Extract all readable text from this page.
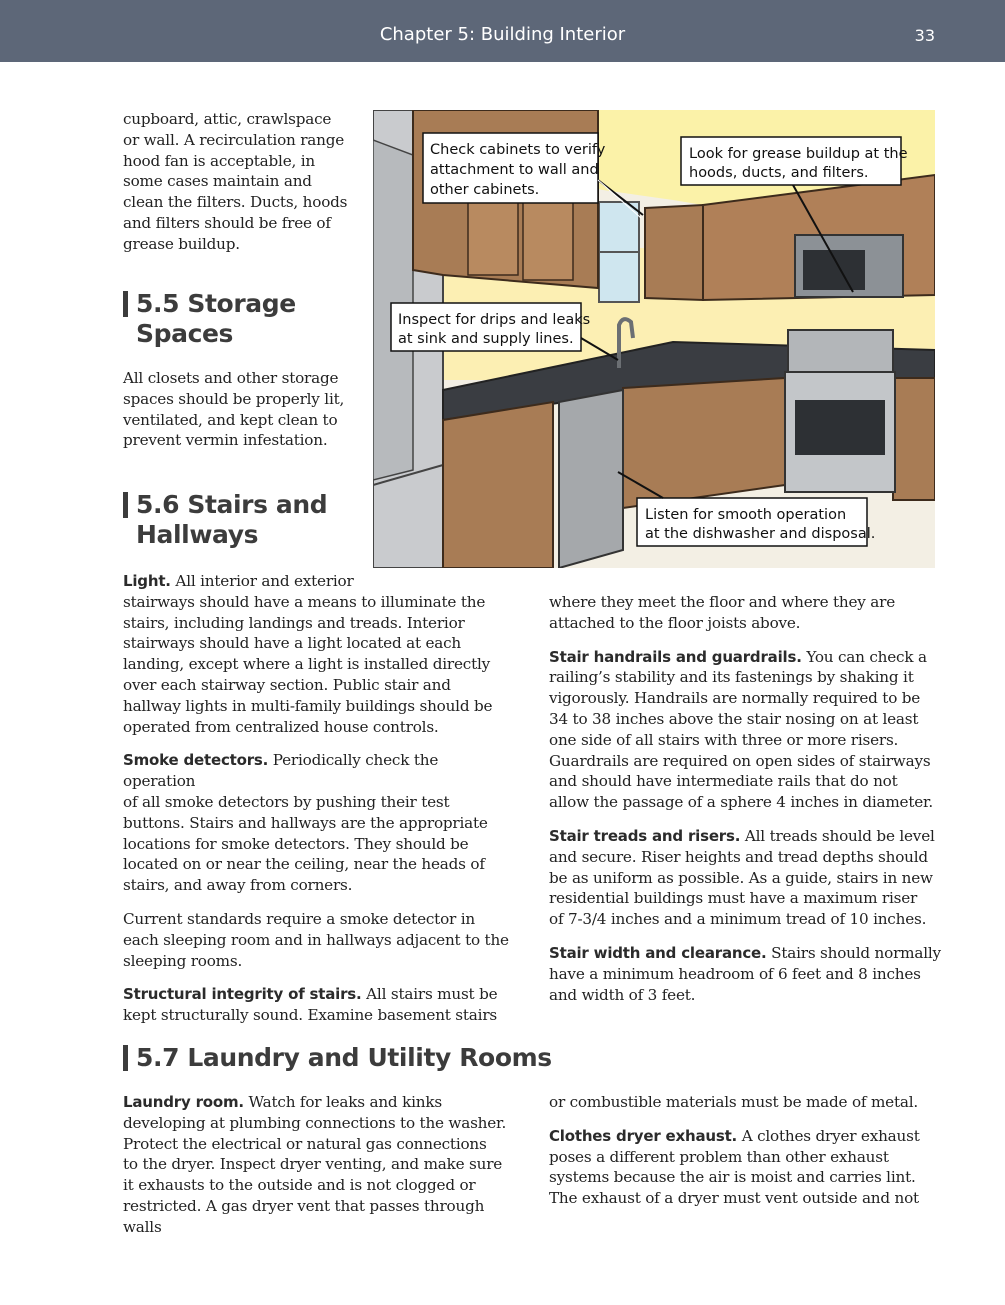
Chapter 5: Building Interior	33
cupboard, attic, crawlspace
or wall. A recirculation range
hood fan is acceptable, in
some cases maintain and
clean the filters. Ducts, hoods
and filters should be free of
grease buildup.
5.5 Storage
Spaces
All closets and other storage
spaces should be properly lit,
ventilated, and kept clean to
prevent vermin infestation.
5.6 Stairs and
Hallways
Light. All interior and exterior
stairways should have a means to illuminate the
stairs, including landings and treads. Interior
stairways should have a light located at each
landing, except where a light is installed directly
over each stairway section. Public stair and
hallway lights in multi-family buildings should be
operated from centralized house controls.
Smoke detectors. Periodically check the operation
of all smoke detectors by pushing their test
buttons. Stairs and hallways are the appropriate
locations for smoke detectors. They should be
located on or near the ceiling, near the heads of
stairs, and away from corners.
Current standards require a smoke detector in
each sleeping room and in hallways adjacent to the
sleeping rooms.
Structural integrity of stairs. All stairs must be
kept structurally sound. Examine basement stairs
where they meet the floor and where they are
attached to the floor joists above.
Stair handrails and guardrails. You can check a
railing’s stability and its fastenings by shaking it
vigorously. Handrails are normally required to be
34 to 38 inches above the stair nosing on at least
one side of all stairs with three or more risers.
Guardrails are required on open sides of stairways
and should have intermediate rails that do not
allow the passage of a sphere 4 inches in diameter.
Stair treads and risers. All treads should be level
and secure. Riser heights and tread depths should
be as uniform as possible. As a guide, stairs in new
residential buildings must have a maximum riser
of 7-3/4 inches and a minimum tread of 10 inches.
Stair width and clearance. Stairs should normally
have a minimum headroom of 6 feet and 8 inches
and width of 3 feet.
5.7 Laundry and Utility Rooms
Laundry room. Watch for leaks and kinks
developing at plumbing connections to the washer.
Protect the electrical or natural gas connections
to the dryer. Inspect dryer venting, and make sure
it exhausts to the outside and is not clogged or
restricted. A gas dryer vent that passes through walls
or combustible materials must be made of metal.
Clothes dryer exhaust. A clothes dryer exhaust
poses a different problem than other exhaust
systems because the air is moist and carries lint.
The exhaust of a dryer must vent outside and not
Check cabinets to verify
attachment to wall and
other cabinets.
Look for grease buildup at the
hoods, ducts, and filters.
Inspect for drips and leaks
at sink and supply lines.
Listen for smooth operation
at the dishwasher and disposal.
